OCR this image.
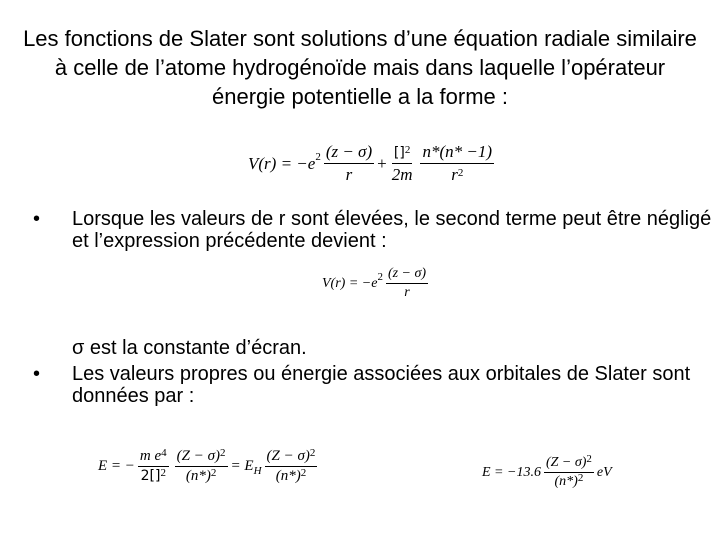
Les fonctions de Slater sont solutions d’une équation radiale similaire à celle de l’atome hydrogénoïde mais dans laquelle l’opérateur énergie potentielle a la forme :
V(r) = −e $2 \frac{(z - \sigma)}{r} + \frac{[]^2}{2m} \frac{n*(n* -1)}{r^2}$
•	Lorsque les valeurs de r sont élevées, le second terme peut être négligé et l’expression précédente devient :
V(r) = −e $2 \frac{(z - \sigma)}{r}$
σ est la constante d’écran.
•	Les valeurs propres ou énergie associées aux orbitales de Slater sont données par :
E = − $\frac{m e^4}{2[]^2} \frac{(Z - \sigma)^2}{(n*)^2} = E$ H $\frac{(Z - \sigma)^2}{(n*)^2}$	$E = -13.6 \frac{(Z - \sigma)^2}{(n*)^2}$ eV
